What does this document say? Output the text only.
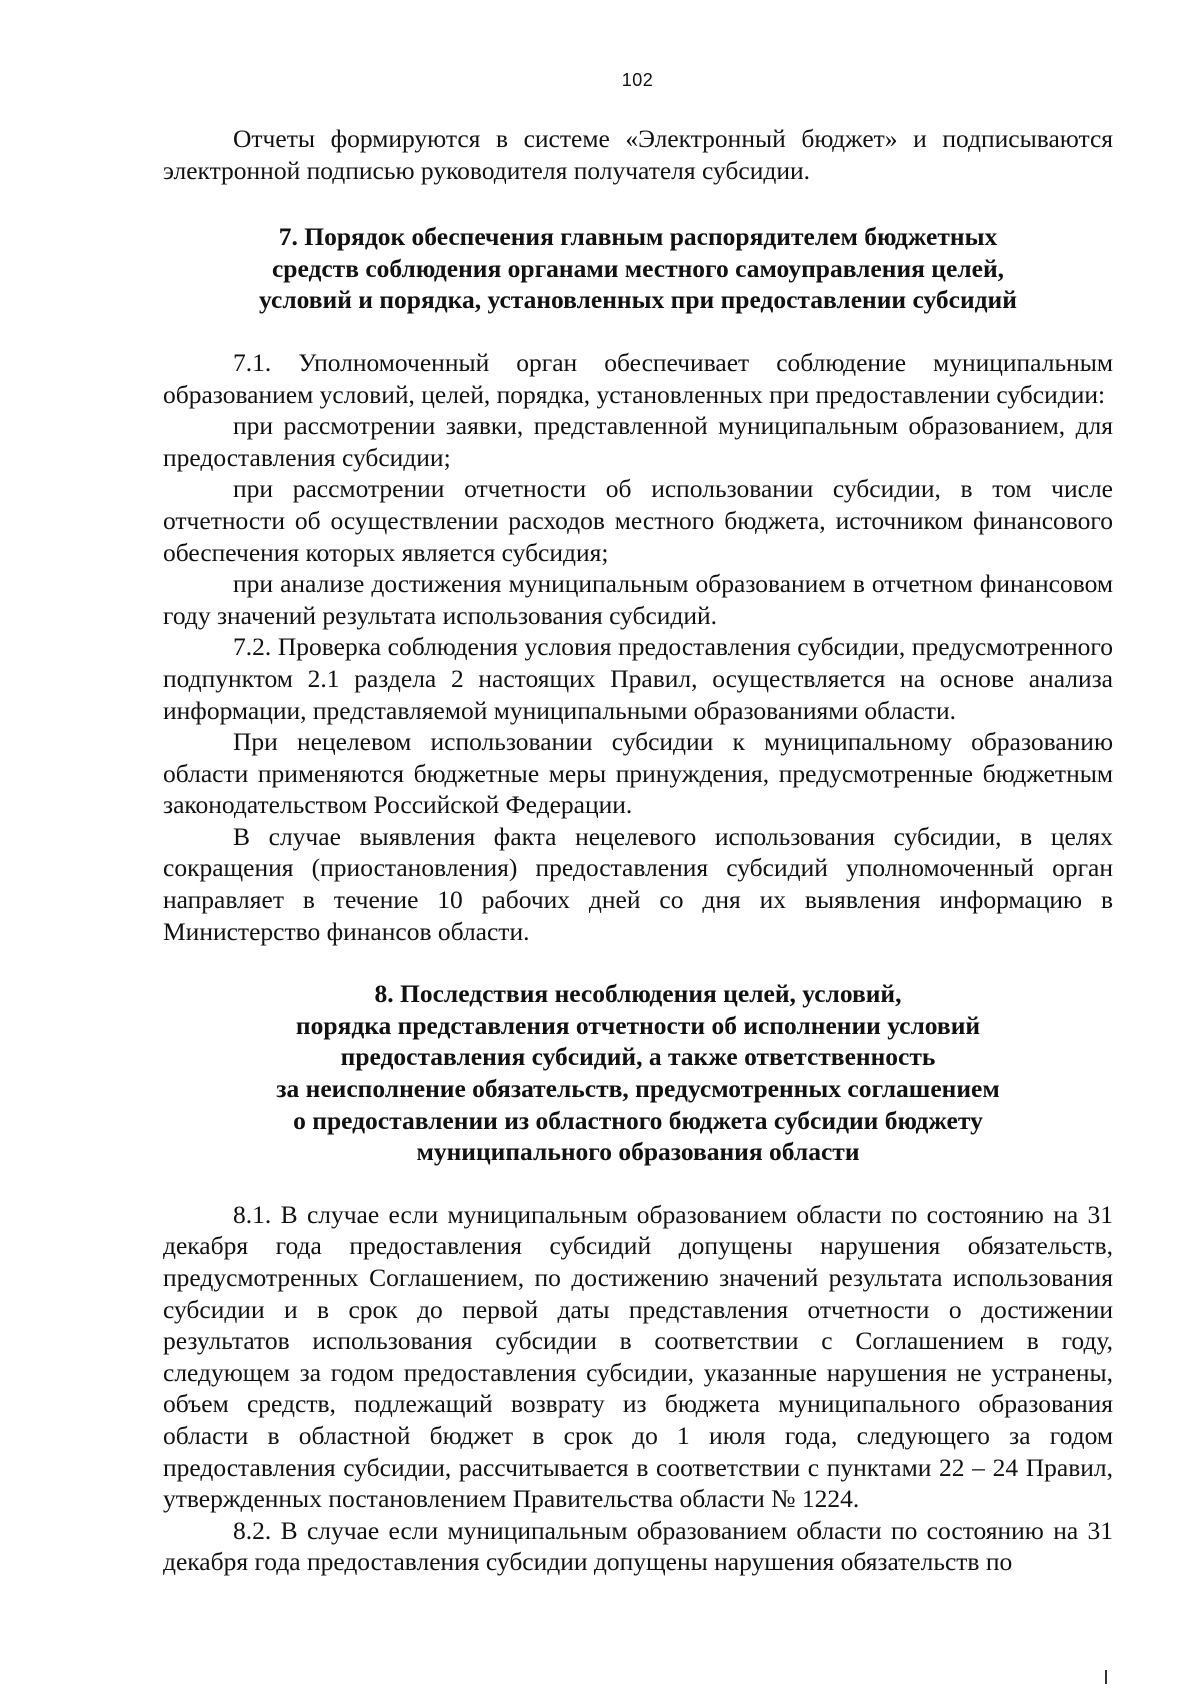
102

Отчеты формируются в системе «Электронный бюджет» и подписываются электронной подписью руководителя получателя субсидии.

7. Порядок обеспечения главным распорядителем бюджетных
средств соблюдения органами местного самоуправления целей,
условий и порядка, установленных при предоставлении субсидий

7.1. Уполномоченный орган обеспечивает соблюдение муниципальным образованием условий, целей, порядка, установленных при предоставлении субсидии:

при рассмотрении заявки, представленной муниципальным образованием, для предоставления субсидии;

при рассмотрении отчетности об использовании субсидии, в том числе отчетности об осуществлении расходов местного бюджета, источником финансового обеспечения которых является субсидия;

при анализе достижения муниципальным образованием в отчетном финансовом году значений результата использования субсидий.

7.2. Проверка соблюдения условия предоставления субсидии, предусмотренного подпунктом 2.1 раздела 2 настоящих Правил, осуществляется на основе анализа информации, представляемой муниципальными образованиями области.

При нецелевом использовании субсидии к муниципальному образованию области применяются бюджетные меры принуждения, предусмотренные бюджетным законодательством Российской Федерации.

В случае выявления факта нецелевого использования субсидии, в целях сокращения (приостановления) предоставления субсидий уполномоченный орган направляет в течение 10 рабочих дней со дня их выявления информацию в Министерство финансов области.

8. Последствия несоблюдения целей, условий,
порядка представления отчетности об исполнении условий
предоставления субсидий, а также ответственность
за неисполнение обязательств, предусмотренных соглашением
о предоставлении из областного бюджета субсидии бюджету
муниципального образования области

8.1. В случае если муниципальным образованием области по состоянию на 31 декабря года предоставления субсидий допущены нарушения обязательств, предусмотренных Соглашением, по достижению значений результата использования субсидии и в срок до первой даты представления отчетности о достижении результатов использования субсидии в соответствии с Соглашением в году, следующем за годом предоставления субсидии, указанные нарушения не устранены, объем средств, подлежащий возврату из бюджета муниципального образования области в областной бюджет в срок до 1 июля года, следующего за годом предоставления субсидии, рассчитывается в соответствии с пунктами 22 – 24 Правил, утвержденных постановлением Правительства области № 1224.

8.2. В случае если муниципальным образованием области по состоянию на 31 декабря года предоставления субсидии допущены нарушения обязательств по
